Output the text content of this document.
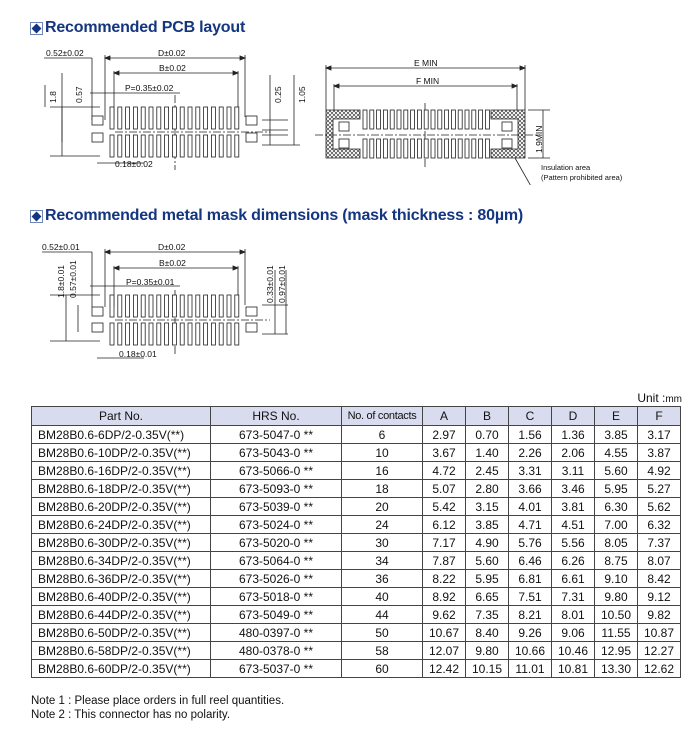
Recommended PCB layout
0.52±0.02	D±0.02
B±0.02
P=0.35±0.02
0.18±0.02
1.8 0.57	0.25 1.05
E MIN
F MIN
1.9MIN
Insulation area
(Pattern prohibited area)
Recommended metal mask dimensions (mask thickness : 80µm)
0.52±0.01	D±0.02
B±0.02
P=0.35±0.01
0.18±0.01
1.8±0.01 0.57±0.01	0.33±0.01 0.97±0.01
Unit :mm
Part No.	HRS No.	No. of contacts	A	B	C	D	E	F
BM28B0.6-6DP/2-0.35V(**)	673-5047-0 **	6	2.97	0.70	1.56	1.36	3.85	3.17
BM28B0.6-10DP/2-0.35V(**)	673-5043-0 **	10	3.67	1.40	2.26	2.06	4.55	3.87
BM28B0.6-16DP/2-0.35V(**)	673-5066-0 **	16	4.72	2.45	3.31	3.11	5.60	4.92
BM28B0.6-18DP/2-0.35V(**)	673-5093-0 **	18	5.07	2.80	3.66	3.46	5.95	5.27
BM28B0.6-20DP/2-0.35V(**)	673-5039-0 **	20	5.42	3.15	4.01	3.81	6.30	5.62
BM28B0.6-24DP/2-0.35V(**)	673-5024-0 **	24	6.12	3.85	4.71	4.51	7.00	6.32
BM28B0.6-30DP/2-0.35V(**)	673-5020-0 **	30	7.17	4.90	5.76	5.56	8.05	7.37
BM28B0.6-34DP/2-0.35V(**)	673-5064-0 **	34	7.87	5.60	6.46	6.26	8.75	8.07
BM28B0.6-36DP/2-0.35V(**)	673-5026-0 **	36	8.22	5.95	6.81	6.61	9.10	8.42
BM28B0.6-40DP/2-0.35V(**)	673-5018-0 **	40	8.92	6.65	7.51	7.31	9.80	9.12
BM28B0.6-44DP/2-0.35V(**)	673-5049-0 **	44	9.62	7.35	8.21	8.01	10.50	9.82
BM28B0.6-50DP/2-0.35V(**)	480-0397-0 **	50	10.67	8.40	9.26	9.06	11.55	10.87
BM28B0.6-58DP/2-0.35V(**)	480-0378-0 **	58	12.07	9.80	10.66	10.46	12.95	12.27
BM28B0.6-60DP/2-0.35V(**)	673-5037-0 **	60	12.42	10.15	11.01	10.81	13.30	12.62
Note 1 : Please place orders in full reel quantities.
Note 2 : This connector has no polarity.
